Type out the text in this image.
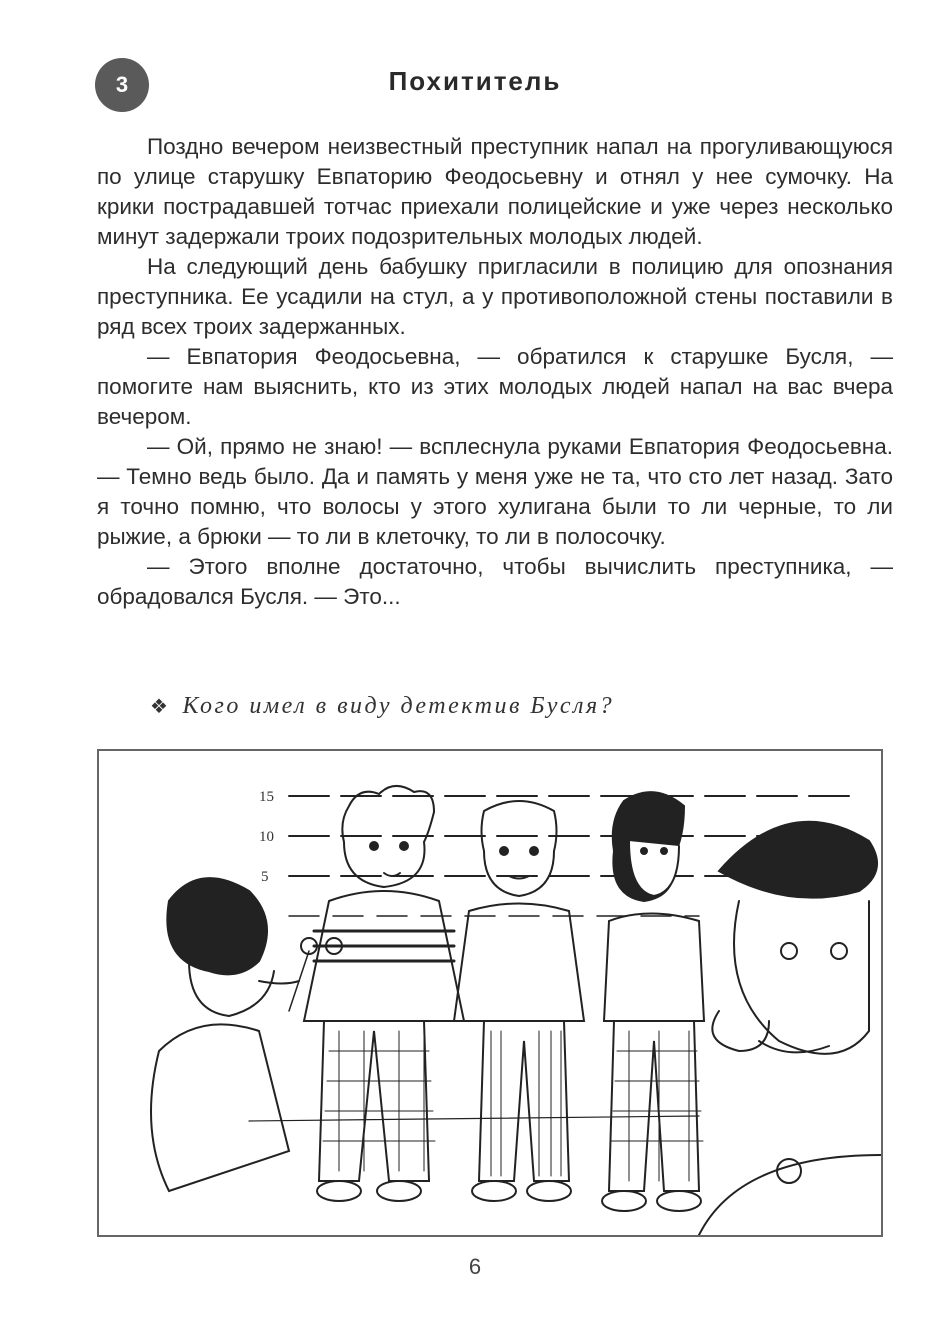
3	Похититель

Поздно вечером неизвестный преступник напал на прогуливающуюся по улице старушку Евпаторию Феодосьевну и отнял у нее сумочку. На крики пострадавшей тотчас приехали полицейские и уже через несколько минут задержали троих подозрительных молодых людей.

На следующий день бабушку пригласили в полицию для опознания преступника. Ее усадили на стул, а у противоположной стены поставили в ряд всех троих задержанных.

— Евпатория Феодосьевна, — обратился к старушке Бусля, — помогите нам выяснить, кто из этих молодых людей напал на вас вчера вечером.

— Ой, прямо не знаю! — всплеснула руками Евпатория Феодосьевна. — Темно ведь было. Да и память у меня уже не та, что сто лет назад. Зато я точно помню, что волосы у этого хулигана были то ли черные, то ли рыжие, а брюки — то ли в клеточку, то ли в полосочку.

— Этого вполне достаточно, чтобы вычислить преступника, — обрадовался Бусля. — Это...

❖ Кого имел в виду детектив Бусля?
15
10
5
6
